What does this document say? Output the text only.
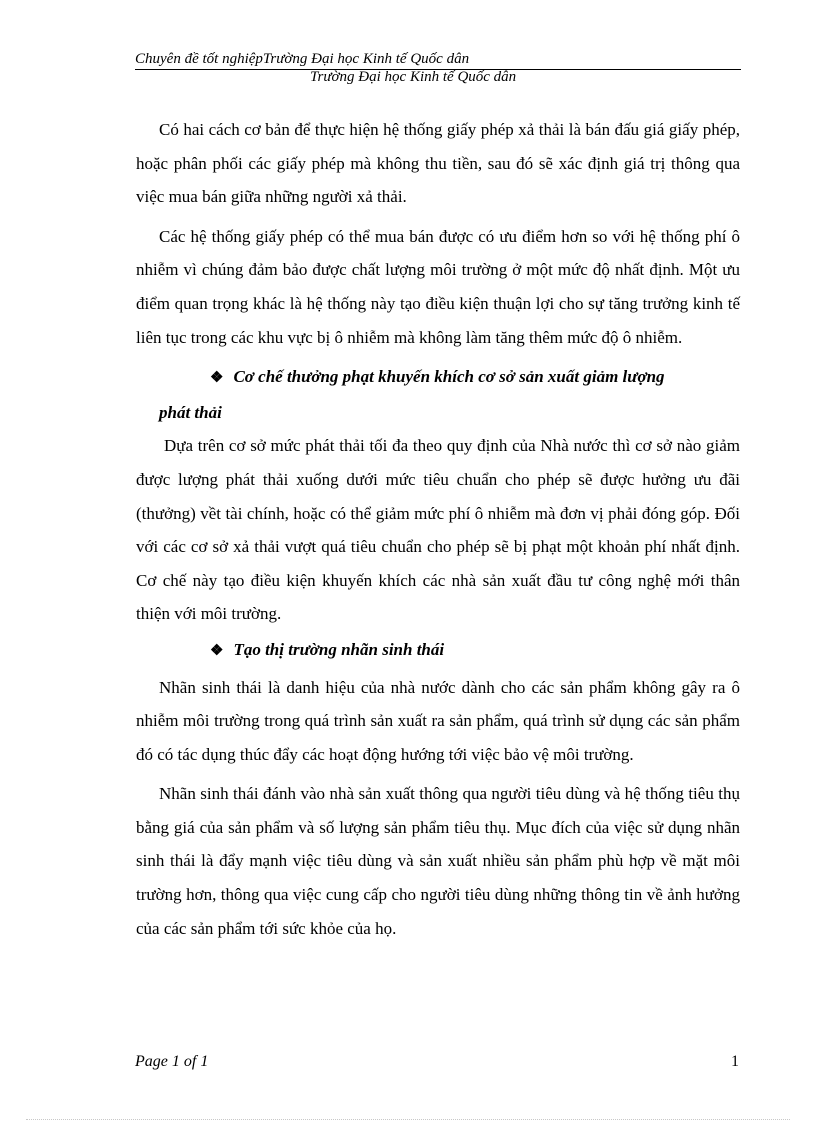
Chuyên đề tốt nghiệpTrường Đại học Kinh tế Quốc dân
Trường Đại học Kinh tế Quốc dân

Có hai cách cơ bản để thực hiện hệ thống giấy phép xả thải là bán đấu giá giấy phép, hoặc phân phối các giấy phép mà không thu tiền, sau đó sẽ xác định giá trị thông qua việc mua bán giữa những người xả thải.

Các hệ thống giấy phép có thể mua bán được có ưu điểm hơn so với hệ thống phí ô nhiễm vì chúng đảm bảo được chất lượng môi trường ở một mức độ nhất định. Một ưu điểm quan trọng khác là hệ thống này tạo điều kiện thuận lợi cho sự tăng trưởng kinh tế liên tục trong các khu vực bị ô nhiễm mà không làm tăng thêm mức độ ô nhiễm.

❖ Cơ chế thưởng phạt khuyến khích cơ sở sản xuất giảm lượng
phát thải

Dựa trên cơ sở mức phát thải tối đa theo quy định của Nhà nước thì cơ sở nào giảm được lượng phát thải xuống dưới mức tiêu chuẩn cho phép sẽ được hưởng ưu đãi (thưởng) vềt tài chính, hoặc có thể giảm mức phí ô nhiễm mà đơn vị phải đóng góp. Đối với các cơ sở xả thải vượt quá tiêu chuẩn cho phép sẽ bị phạt một khoản phí nhất định. Cơ chế này tạo điều kiện khuyến khích các nhà sản xuất đầu tư công nghệ mới thân thiện với môi trường.

❖ Tạo thị trường nhãn sinh thái

Nhãn sinh thái là danh hiệu của nhà nước dành cho các sản phẩm không gây ra ô nhiễm môi trường trong quá trình sản xuất ra sản phẩm, quá trình sử dụng các sản phẩm đó có tác dụng thúc đẩy các hoạt động hướng tới việc bảo vệ môi trường.

Nhãn sinh thái đánh vào nhà sản xuất thông qua người tiêu dùng và hệ thống tiêu thụ bằng giá của sản phẩm và số lượng sản phẩm tiêu thụ. Mục đích của việc sử dụng nhãn sinh thái là đẩy mạnh việc tiêu dùng và sản xuất nhiều sản phẩm phù hợp về mặt môi trường hơn, thông qua việc cung cấp cho người tiêu dùng những thông tin về ảnh hưởng của các sản phẩm tới sức khỏe của họ.

Page 1 of 1	1
